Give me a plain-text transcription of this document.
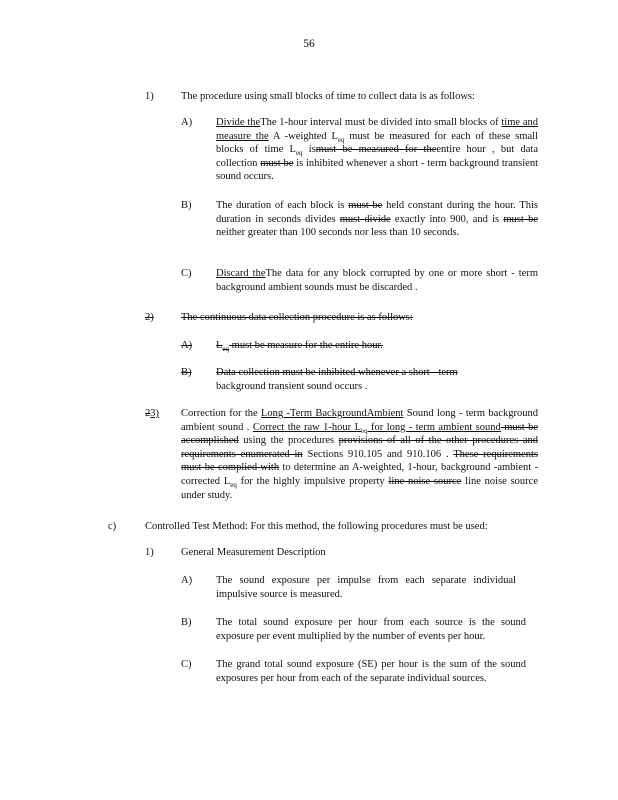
56
1)	The procedure using small blocks of time to collect data is as follows:
A) Divide theThe 1-hour interval must be divided into small blocks of time and measure the A -weighted $L_{eq}$ must be measured for each of these small blocks of time $L_{eq}$ ismust be measured for theentire hour , but data collection must be is inhibited whenever a short - term background transient sound occurs.
B) The duration of each block is must be held constant during the hour. This duration in seconds divides must divide exactly into 900, and is must be neither greater than 100 seconds nor less than 10 seconds.
C) Discard theThe data for any block corrupted by one or more short - term background ambient sounds must be discarded .
2)	The continuous data collection procedure is as follows:
A) $L_{eq}$ must be measure for the entire hour.
B) Data collection must be inhibited whenever a short - term background transient sound occurs .
23) Correction for the Long -Term BackgroundAmbient Sound long - term background ambient sound . Correct the raw 1-hour $L_{eq}$ for long - term ambient sound must be accomplished using the procedures provisions of all of the other procedures and requirements enumerated in Sections 910.105 and 910.106 . These requirements must be complied with to determine an A-weighted, 1-hour, background -ambient -corrected $L_{eq}$ for the highly impulsive property line noise source line noise source under study.
c)	Controlled Test Method: For this method, the following procedures must be used:
1)	General Measurement Description
A) The sound exposure per impulse from each separate individual impulsive source is measured.
B) The total sound exposure per hour from each source is the sound exposure per event multiplied by the number of events per hour.
C) The grand total sound exposure (SE) per hour is the sum of the sound exposures per hour from each of the separate individual sources.
